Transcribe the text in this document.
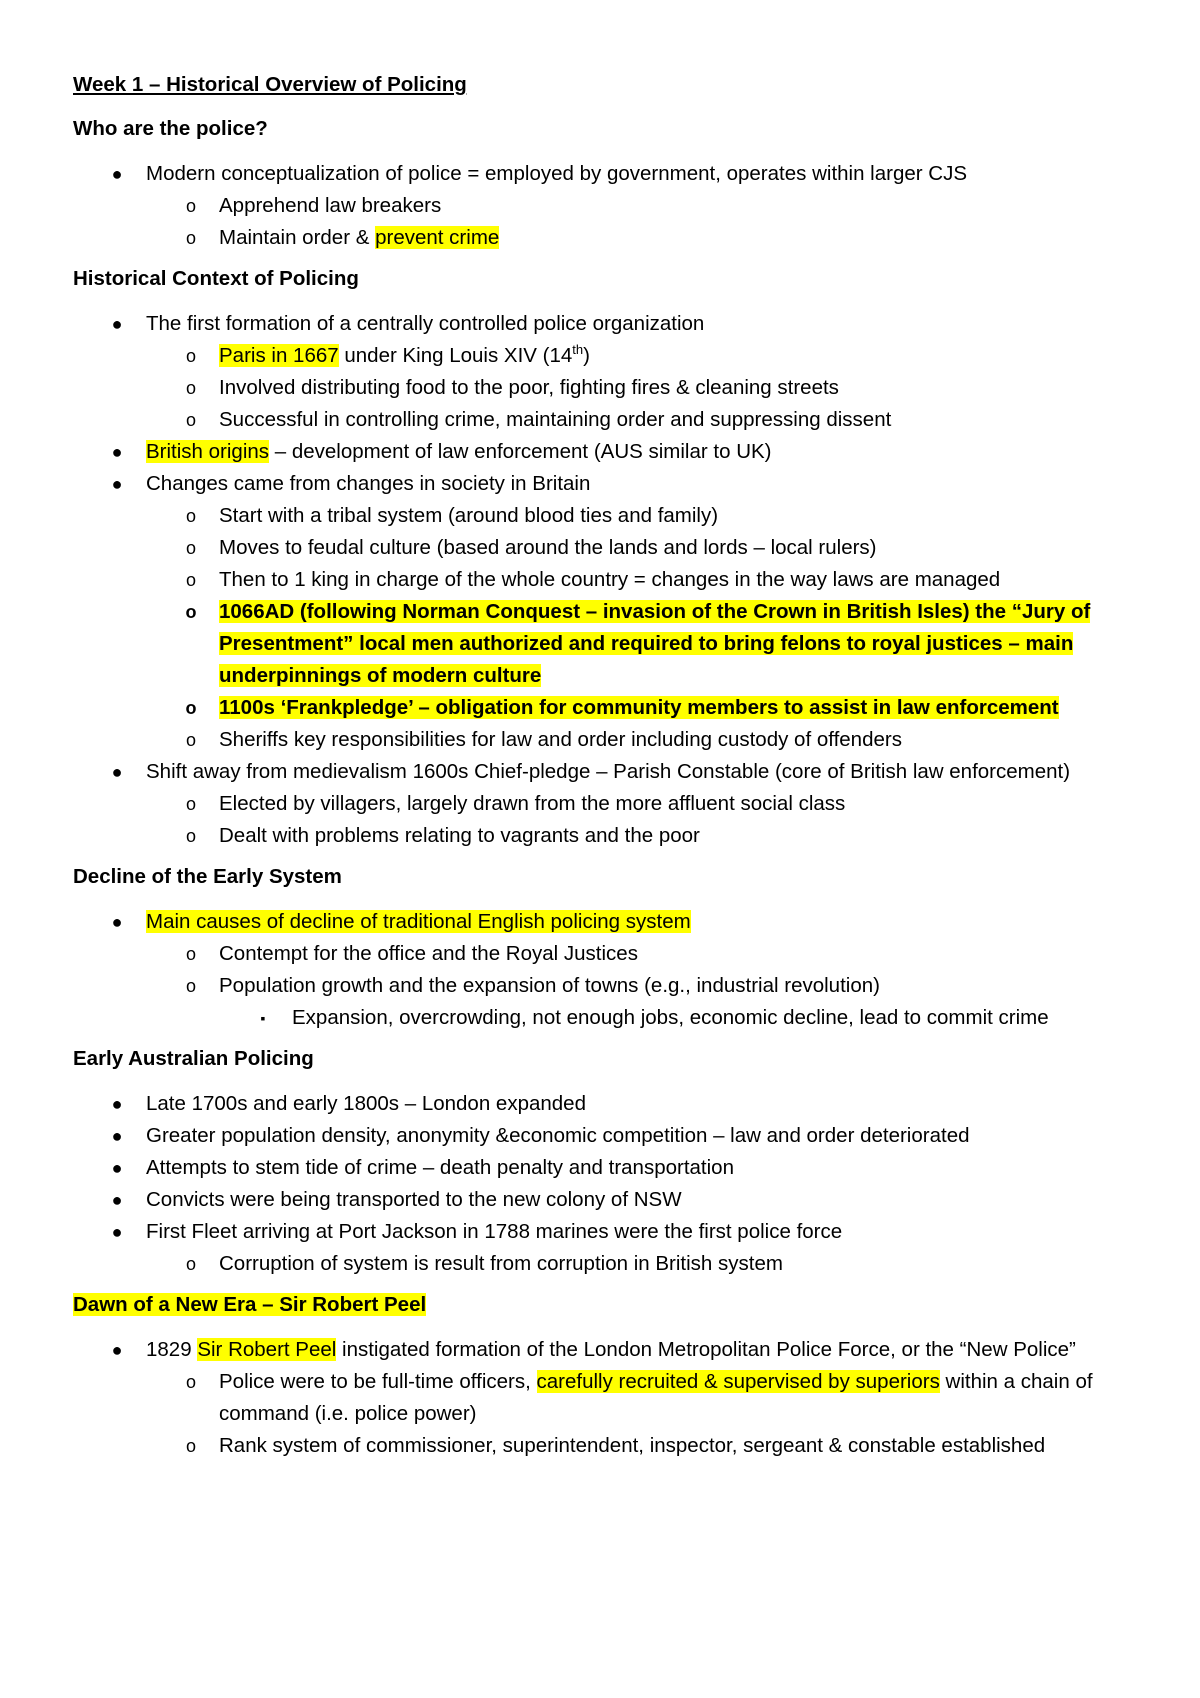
Week 1 – Historical Overview of Policing
Who are the police?
● Modern conceptualization of police = employed by government, operates within larger CJS
o Apprehend law breakers
o Maintain order & prevent crime
Historical Context of Policing
● The first formation of a centrally controlled police organization
o Paris in 1667 under King Louis XIV (14th)
o Involved distributing food to the poor, fighting fires & cleaning streets
o Successful in controlling crime, maintaining order and suppressing dissent
● British origins – development of law enforcement (AUS similar to UK)
● Changes came from changes in society in Britain
o Start with a tribal system (around blood ties and family)
o Moves to feudal culture (based around the lands and lords – local rulers)
o Then to 1 king in charge of the whole country = changes in the way laws are managed
o 1066AD (following Norman Conquest – invasion of the Crown in British Isles) the “Jury of Presentment” local men authorized and required to bring felons to royal justices – main underpinnings of modern culture
o 1100s ‘Frankpledge’ – obligation for community members to assist in law enforcement
o Sheriffs key responsibilities for law and order including custody of offenders
● Shift away from medievalism 1600s Chief-pledge – Parish Constable (core of British law enforcement)
o Elected by villagers, largely drawn from the more affluent social class
o Dealt with problems relating to vagrants and the poor
Decline of the Early System
● Main causes of decline of traditional English policing system
o Contempt for the office and the Royal Justices
o Population growth and the expansion of towns (e.g., industrial revolution)
▪	Expansion, overcrowding, not enough jobs, economic decline, lead to commit crime
Early Australian Policing
● Late 1700s and early 1800s – London expanded
● Greater population density, anonymity &economic competition – law and order deteriorated
● Attempts to stem tide of crime – death penalty and transportation
● Convicts were being transported to the new colony of NSW
● First Fleet arriving at Port Jackson in 1788 marines were the first police force
o Corruption of system is result from corruption in British system
Dawn of a New Era – Sir Robert Peel
● 1829 Sir Robert Peel instigated formation of the London Metropolitan Police Force, or the “New Police”
o Police were to be full-time officers, carefully recruited & supervised by superiors within a chain of command (i.e. police power)
o Rank system of commissioner, superintendent, inspector, sergeant & constable established
